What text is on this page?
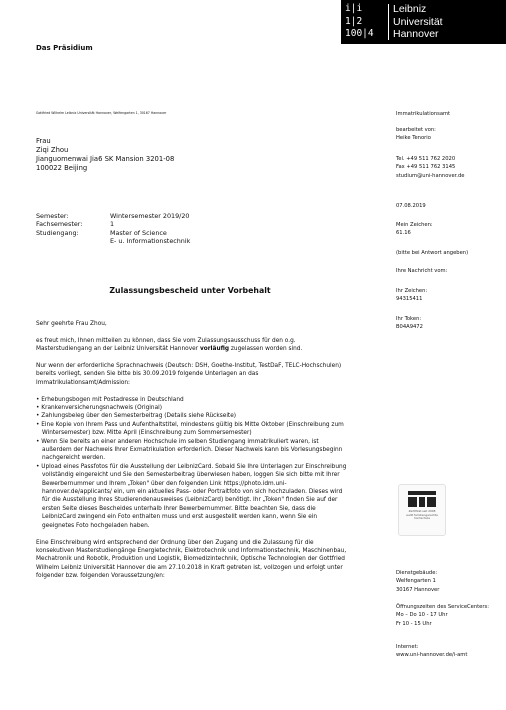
i|i
1|2
100|4
Leibniz
Universität
Hannover
Das Präsidium
Gottfried Wilhelm Leibniz Universität Hannover, Welfengarten 1, 30167 Hannover
Frau
Ziqi Zhou
Jianguomenwai Jia6 SK Mansion 3201-08
100022 Beijing
Semester:	Wintersemester 2019/20
Fachsemester:	1
Studiengang:	Master of Science
E- u. Informationstechnik
Zulassungsbescheid unter Vorbehalt

Sehr geehrte Frau Zhou,

es freut mich, Ihnen mitteilen zu können, dass Sie vom Zulassungsausschuss für den o.g. Masterstudiengang an der Leibniz Universität Hannover vorläufig zugelassen worden sind.

Nur wenn der erforderliche Sprachnachweis (Deutsch: DSH, Goethe-Institut, TestDaF, TELC-Hochschulen) bereits vorliegt, senden Sie bitte bis 30.09.2019 folgende Unterlagen an das Immatrikulationsamt/Admission:

• Erhebungsbogen mit Postadresse in Deutschland
• Krankenversicherungsnachweis (Original)
• Zahlungsbeleg über den Semesterbeitrag (Details siehe Rückseite)
• Eine Kopie von Ihrem Pass und Aufenthaltstitel, mindestens gültig bis Mitte Oktober (Einschreibung zum Wintersemester) bzw. Mitte April (Einschreibung zum Sommersemester)
• Wenn Sie bereits an einer anderen Hochschule im selben Studiengang immatrikuliert waren, ist außerdem der Nachweis Ihrer Exmatrikulation erforderlich. Dieser Nachweis kann bis Vorlesungsbeginn nachgereicht werden.
• Upload eines Passfotos für die Ausstellung der LeibnizCard. Sobald Sie Ihre Unterlagen zur Einschreibung vollständig eingereicht und Sie den Semesterbeitrag überwiesen haben, loggen Sie sich bitte mit Ihrer Bewerbernummer und Ihrem „Token" über den folgenden Link https://photo.idm.uni-hannover.de/applicants/ ein, um ein aktuelles Pass- oder Portraitfoto von sich hochzuladen. Dieses wird für die Ausstellung Ihres Studierendenausweises (LeibnizCard) benötigt. Ihr „Token" finden Sie auf der ersten Seite dieses Bescheides unterhalb Ihrer Bewerbernummer. Bitte beachten Sie, dass die LeibnizCard zwingend ein Foto enthalten muss und erst ausgestellt werden kann, wenn Sie ein geeignetes Foto hochgeladen haben.

Eine Einschreibung wird entsprechend der Ordnung über den Zugang und die Zulassung für die konsekutiven Masterstudiengänge Energietechnik, Elektrotechnik und Informationstechnik, Maschinenbau, Mechatronik und Robotik, Produktion und Logistik, Biomedizintechnik, Optische Technologien der Gottfried Wilhelm Leibniz Universität Hannover die am 27.10.2018 in Kraft getreten ist, vollzogen und erfolgt unter folgender bzw. folgenden Voraussetzung/en:

Immatrikulationsamt
bearbeitet von:
Heike Tenorio
Tel. +49 511 762 2020
Fax +49 511 762 3145
studium@uni-hannover.de
07.08.2019
Mein Zeichen:
61.16
(bitte bei Antwort angeben)
Ihre Nachricht vom:
Ihr Zeichen:
94315411
Ihr Token:
B04A9472
Zertifikat seit 2008
audit familiengerechte
hochschule
Dienstgebäude:
Welfengarten 1
30167 Hannover
Öffnungszeiten des ServiceCenters:
Mo – Do 10 - 17 Uhr
Fr 10 - 15 Uhr
Internet:
www.uni-hannover.de/i-amt
